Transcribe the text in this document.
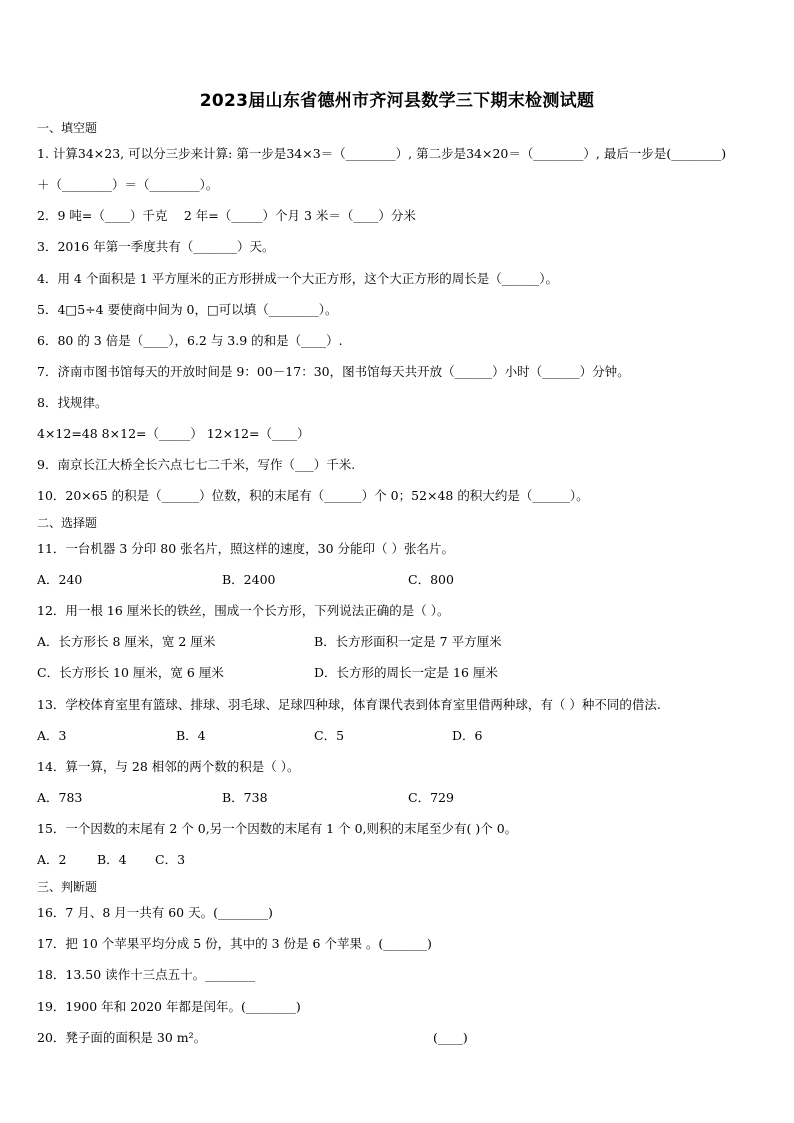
2023届山东省德州市齐河县数学三下期末检测试题
一、填空题
1. 计算34×23, 可以分三步来计算: 第一步是34×3＝（________）, 第二步是34×20＝（________）, 最后一步是(________)
＋（________）＝（________）。
2．9 吨=（____）千克　 2 年=（_____）个月 3 米＝（____）分米
3．2016 年第一季度共有（_______）天。
4．用 4 个面积是 1 平方厘米的正方形拼成一个大正方形，这个大正方形的周长是（______）。
5．4□5÷4 要使商中间为 0，□可以填（________）。
6．80 的 3 倍是（____），6.2 与 3.9 的和是（____）.
7．济南市图书馆每天的开放时间是 9：00－17：30，图书馆每天共开放（______）小时（______）分钟。
8．找规律。
4×12=48 8×12=（_____） 12×12=（____）
9．南京长江大桥全长六点七七二千米，写作（___）千米.
10．20×65 的积是（______）位数，积的末尾有（______）个 0；52×48 的积大约是（______）。
二、选择题
11．一台机器 3 分印 80 张名片，照这样的速度，30 分能印（ ）张名片。
A．240	B．2400	C．800
12．用一根 16 厘米长的铁丝，围成一个长方形，下列说法正确的是（ ）。
A．长方形长 8 厘米，宽 2 厘米	B．长方形面积一定是 7 平方厘米
C．长方形长 10 厘米，宽 6 厘米	D．长方形的周长一定是 16 厘米
13．学校体育室里有篮球、排球、羽毛球、足球四种球，体育课代表到体育室里借两种球，有（ ）种不同的借法.
A．3	B．4	C．5	D．6
14．算一算，与 28 相邻的两个数的积是（ ）。
A．783	B．738	C．729
15．一个因数的末尾有 2 个 0,另一个因数的末尾有 1 个 0,则积的末尾至少有( )个 0。
A．2 B．4 C．3
三、判断题
16．7 月、8 月一共有 60 天。(________)
17．把 10 个苹果平均分成 5 份，其中的 3 份是 6 个苹果 。(_______)
18．13.50 读作十三点五十。________
19．1900 年和 2020 年都是闰年。(________)
20．凳子面的面积是 30 m²。	(____)
